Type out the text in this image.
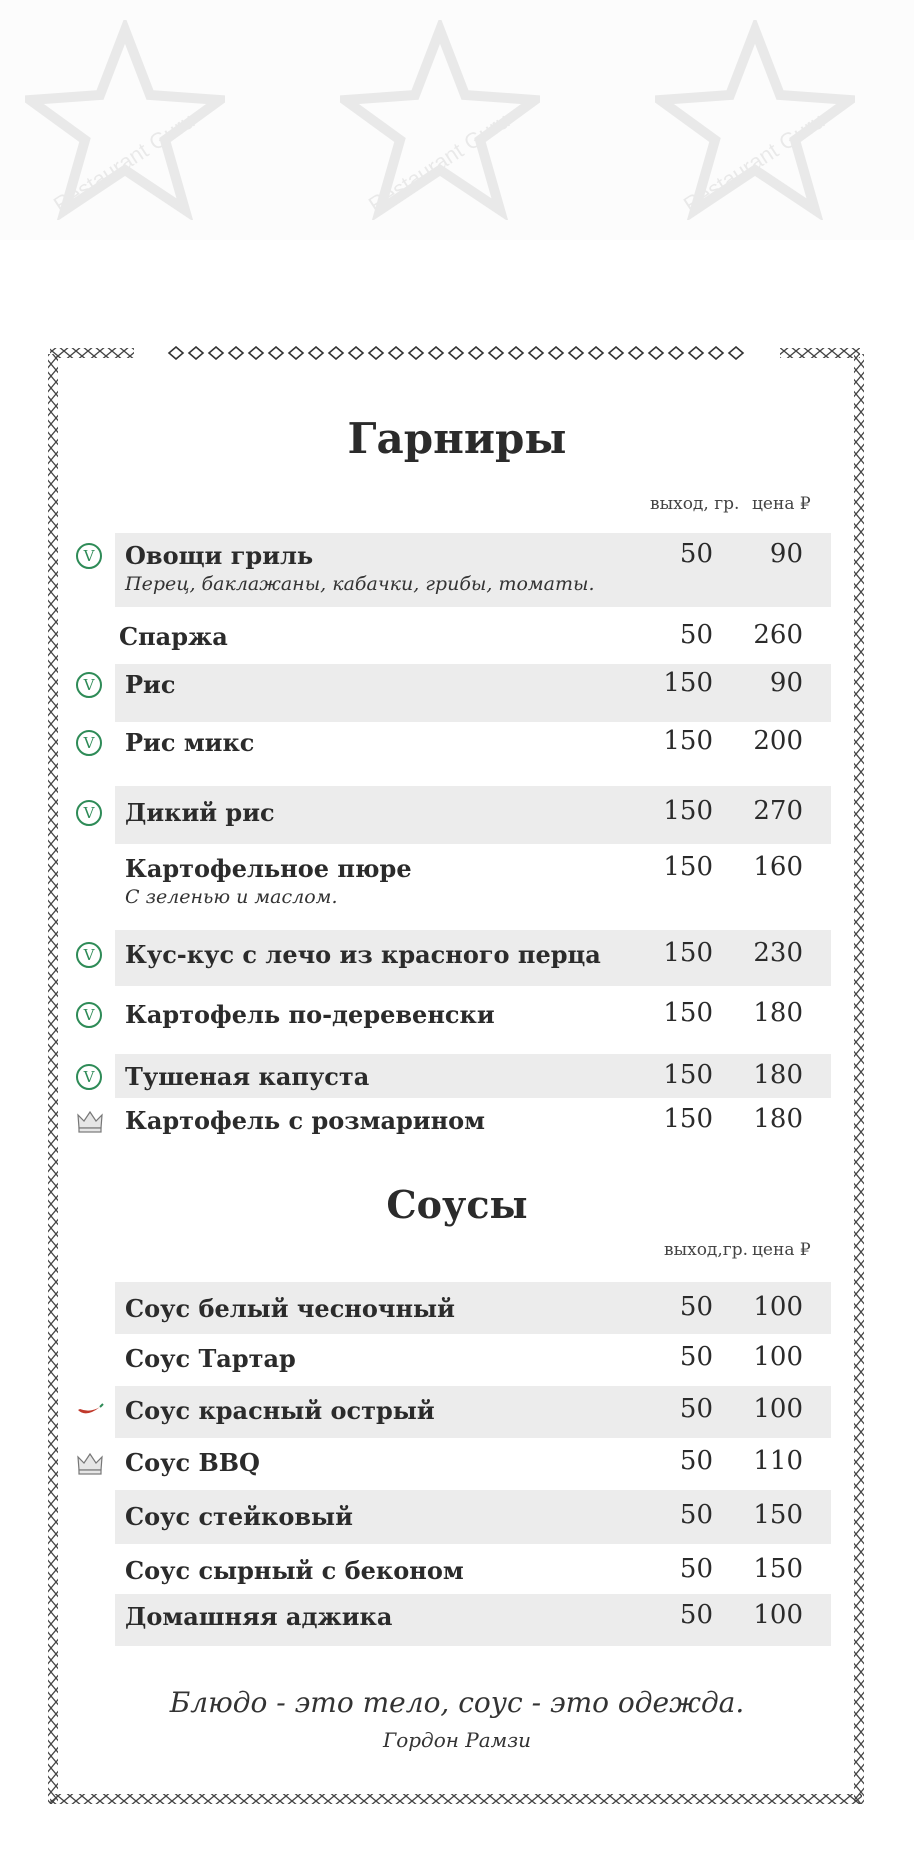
Restaurant Guru	Restaurant Guru	Restaurant Guru
Гарниры
выход, гр. цена ₽
Овощи гриль
Перец, баклажаны, кабачки, грибы, томаты.
50 90
V
Спаржа	50 260
Рис	150 90
V
Рис микс	150 200
V
Дикий рис	150 270
V
Картофельное пюре
С зеленью и маслом.
150 160
Кус-кус с лечо из красного перца 150 230
V
Картофель по-деревенски	150 180
V
Тушеная капуста	150 180
V
Картофель с розмарином	150 180
Соусы
выход,гр. цена ₽
Соус белый чесночный	50 100
Соус Тартар	50 100
Соус красный острый	50 100
Соус BBQ	50 110
Соус стейковый	50 150
Соус сырный с беконом	50 150
Домашняя аджика	50 100
Блюдо - это тело, соус - это одежда.
Гордон Рамзи
